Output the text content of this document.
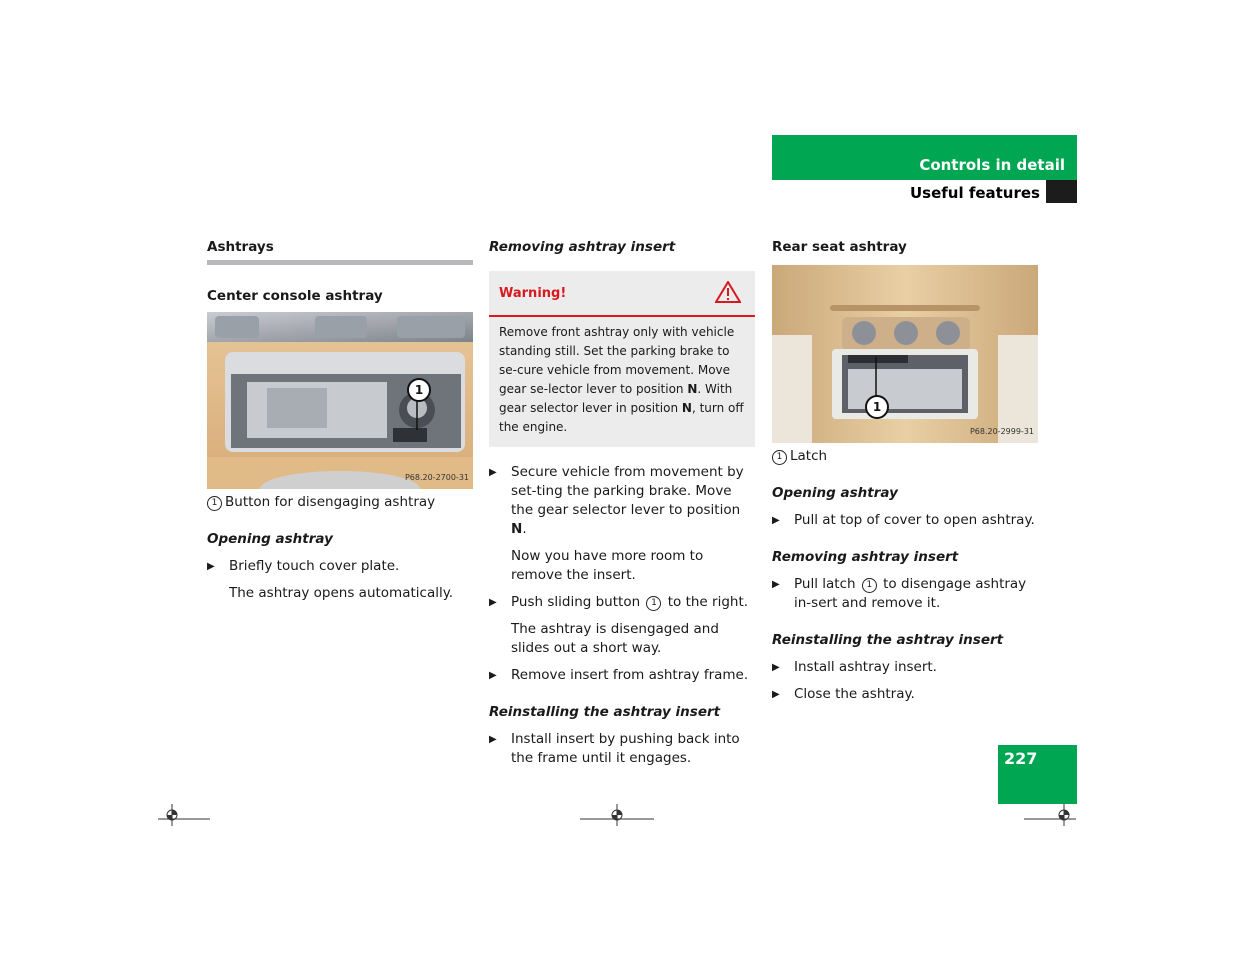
Controls in detail
Useful features
Ashtrays
Center console ashtray
1
P68.20-2700-31
1 Button for disengaging ashtray
Opening ashtray
▶ Briefly touch cover plate.
The ashtray opens automatically.
Removing ashtray insert
Warning!
Remove front ashtray only with vehicle standing still. Set the parking brake to se-cure vehicle from movement. Move gear se-lector lever to position N. With gear selector lever in position N, turn off the engine.
▶ Secure vehicle from movement by set-ting the parking brake. Move the gear selector lever to position N.
Now you have more room to remove the insert.
▶ Push sliding button 1 to the right.
The ashtray is disengaged and slides out a short way.
▶ Remove insert from ashtray frame.
Reinstalling the ashtray insert
▶ Install insert by pushing back into the frame until it engages.
Rear seat ashtray
1
P68.20-2999-31
1 Latch
Opening ashtray
▶ Pull at top of cover to open ashtray.
Removing ashtray insert
▶ Pull latch 1 to disengage ashtray in-sert and remove it.
Reinstalling the ashtray insert
▶ Install ashtray insert.
▶ Close the ashtray.
227
